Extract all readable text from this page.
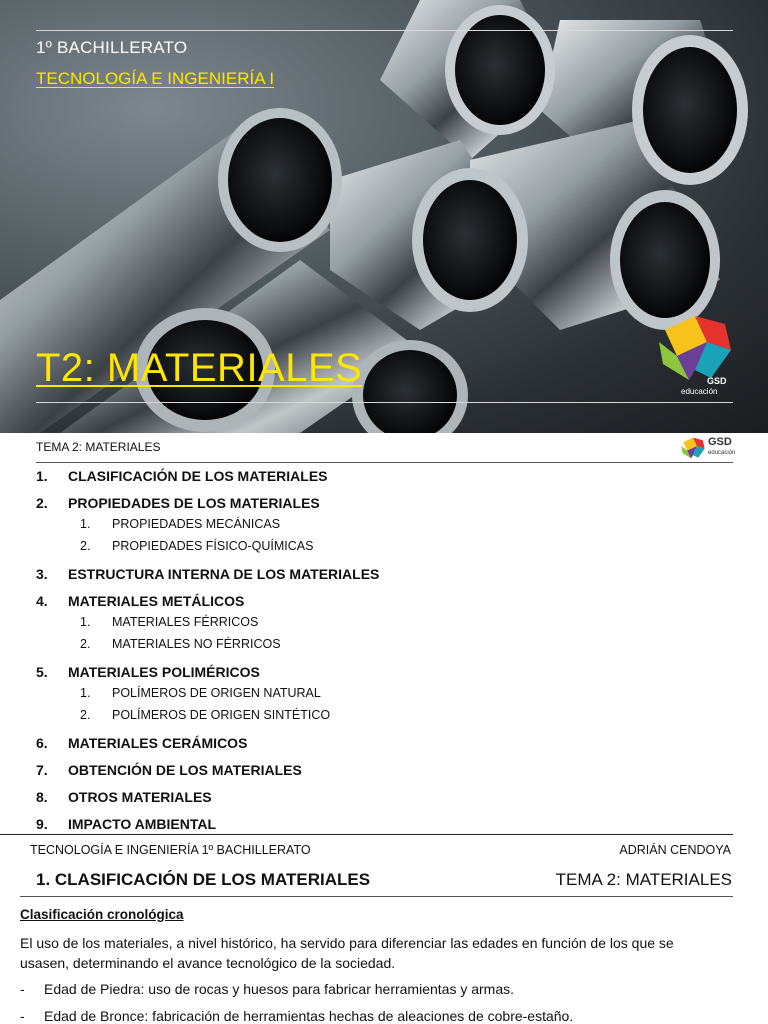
1º BACHILLERATO
TECNOLOGÍA E INGENIERÍA I
T2: MATERIALES	GSD
educación
TEMA 2: MATERIALES	GSD
educación
1.	CLASIFICACIÓN DE LOS MATERIALES
2.	PROPIEDADES DE LOS MATERIALES
1.	PROPIEDADES MECÁNICAS
2.	PROPIEDADES FÍSICO-QUÍMICAS
3.	ESTRUCTURA INTERNA DE LOS MATERIALES
4.	MATERIALES METÁLICOS
1.	MATERIALES FÉRRICOS
2.	MATERIALES NO FÉRRICOS
5.	MATERIALES POLIMÉRICOS
1.	POLÍMEROS DE ORIGEN NATURAL
2.	POLÍMEROS DE ORIGEN SINTÉTICO
6.	MATERIALES CERÁMICOS
7.	OBTENCIÓN DE LOS MATERIALES
8.	OTROS MATERIALES
9.	IMPACTO AMBIENTAL
TECNOLOGÍA E INGENIERÍA 1º BACHILLERATO	ADRIÁN CENDOYA
1. CLASIFICACIÓN DE LOS MATERIALES	TEMA 2: MATERIALES
Clasificación cronológica
El uso de los materiales, a nivel histórico, ha servido para diferenciar las edades en función de los que se usasen, determinando el avance tecnológico de la sociedad.
- Edad de Piedra: uso de rocas y huesos para fabricar herramientas y armas.
- Edad de Bronce: fabricación de herramientas hechas de aleaciones de cobre-estaño.
